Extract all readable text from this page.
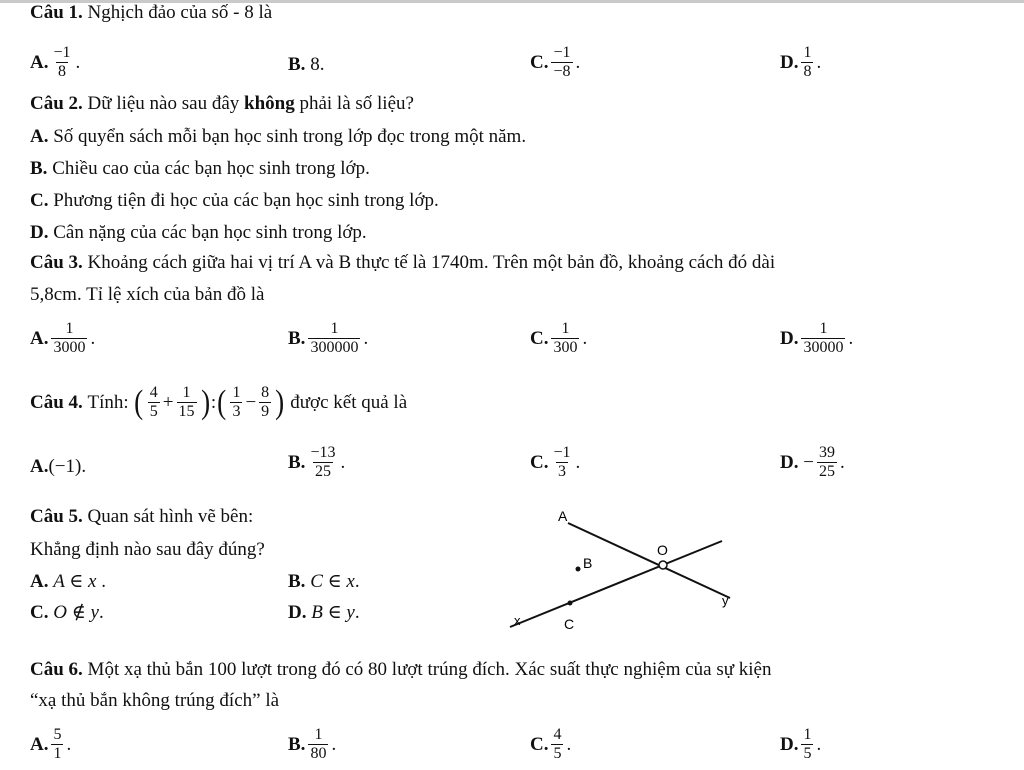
Câu 1. Nghịch đảo của số - 8 là
A. $\frac{-1}{8}$ .	B.
8.	C. $\frac{-1}{-8}$ .	D. $\frac{1}{8}$ .
Câu 2. Dữ liệu nào sau đây không phải là số liệu?
A. Số quyển sách mỗi bạn học sinh trong lớp đọc trong một năm.
B. Chiều cao của các bạn học sinh trong lớp.
C. Phương tiện đi học của các bạn học sinh trong lớp.
D. Cân nặng của các bạn học sinh trong lớp.
Câu 3. Khoảng cách giữa hai vị trí A và B thực tế là 1740m. Trên một bản đồ, khoảng cách đó dài
5,8cm. Tỉ lệ xích của bản đồ là
A. $\frac{1}{3000}$ .	B. $\frac{1}{300000}$ .	C. $\frac{1}{300}$ .	D. $\frac{1}{30000}$ .
Câu 4.
Tính:
( $\frac{4}{5} + \frac{1}{15}$ ) : ( $\frac{1}{3} - \frac{8}{9}$ )
được kết quả là
A. (−1).	B. $\frac{-13}{25}$ .	C. $\frac{-1}{3}$ .	D.
− $\frac{39}{25}$ .
Câu 5. Quan sát hình vẽ bên:
Khẳng định nào sau đây đúng?
A.
A ∈ x
.	B.
C ∈ x .
C.
O ∉ y .	D.
B ∈ y .
A
B
O
C
x
y
Câu 6. Một xạ thủ bắn 100 lượt trong đó có 80 lượt trúng đích. Xác suất thực nghiệm của sự kiện
“xạ thủ bắn không trúng đích” là
A. $\frac{5}{1}$ .	B. $\frac{1}{80}$ .	C. $\frac{4}{5}$ .	D. $\frac{1}{5}$ .
